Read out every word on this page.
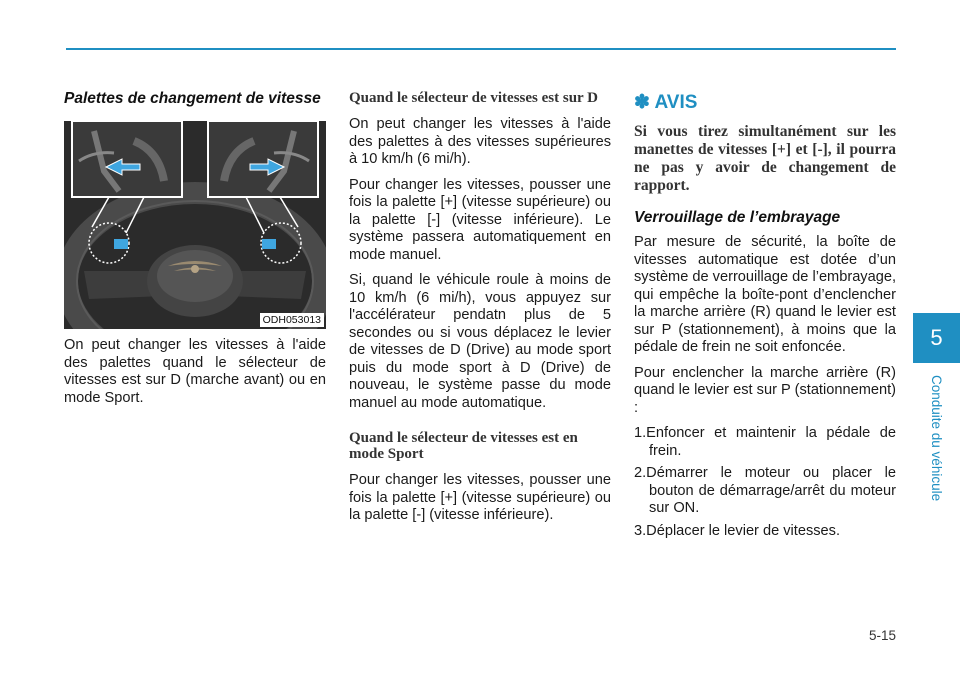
Palettes de changement de vitesse
ODH053013

On peut changer les vitesses à l'aide des palettes quand le sélecteur de vitesses est sur D (marche avant) ou en mode Sport.

Quand le sélecteur de vitesses est sur D

On peut changer les vitesses à l'aide des palettes à des vitesses supérieures à 10 km/h (6 mi/h).

Pour changer les vitesses, pousser une fois la palette [+] (vitesse supérieure) ou la palette [-] (vitesse inférieure). Le système passera automatiquement en mode manuel.

Si, quand le véhicule roule à moins de 10 km/h (6 mi/h), vous appuyez sur l'accélérateur pendatn plus de 5 secondes ou si vous déplacez le levier de vitesses de D (Drive) au mode sport puis du mode sport à D (Drive) de nouveau, le système passe du mode manuel au mode automatique.

Quand le sélecteur de vitesses est en mode Sport

Pour changer les vitesses, pousser une fois la palette [+] (vitesse supérieure) ou la palette [-] (vitesse inférieure).

✽ AVIS
Si vous tirez simultanément sur les manettes de vitesses [+] et [-], il pourra ne pas y avoir de changement de rapport.
Verrouillage de l’embrayage

Par mesure de sécurité, la boîte de vitesses automatique est dotée d’un système de verrouillage de l’embrayage, qui empêche la boîte-pont d’enclencher la marche arrière (R) quand le levier est sur P (stationnement), à moins que la pédale de frein ne soit enfoncée.

Pour enclencher la marche arrière (R) quand le levier est sur P (stationnement) :

1.Enfoncer et maintenir la pédale de frein.

2.Démarrer le moteur ou placer le bouton de démarrage/arrêt du moteur sur ON.

3.Déplacer le levier de vitesses.

5
Conduite du véhicule
5-15
